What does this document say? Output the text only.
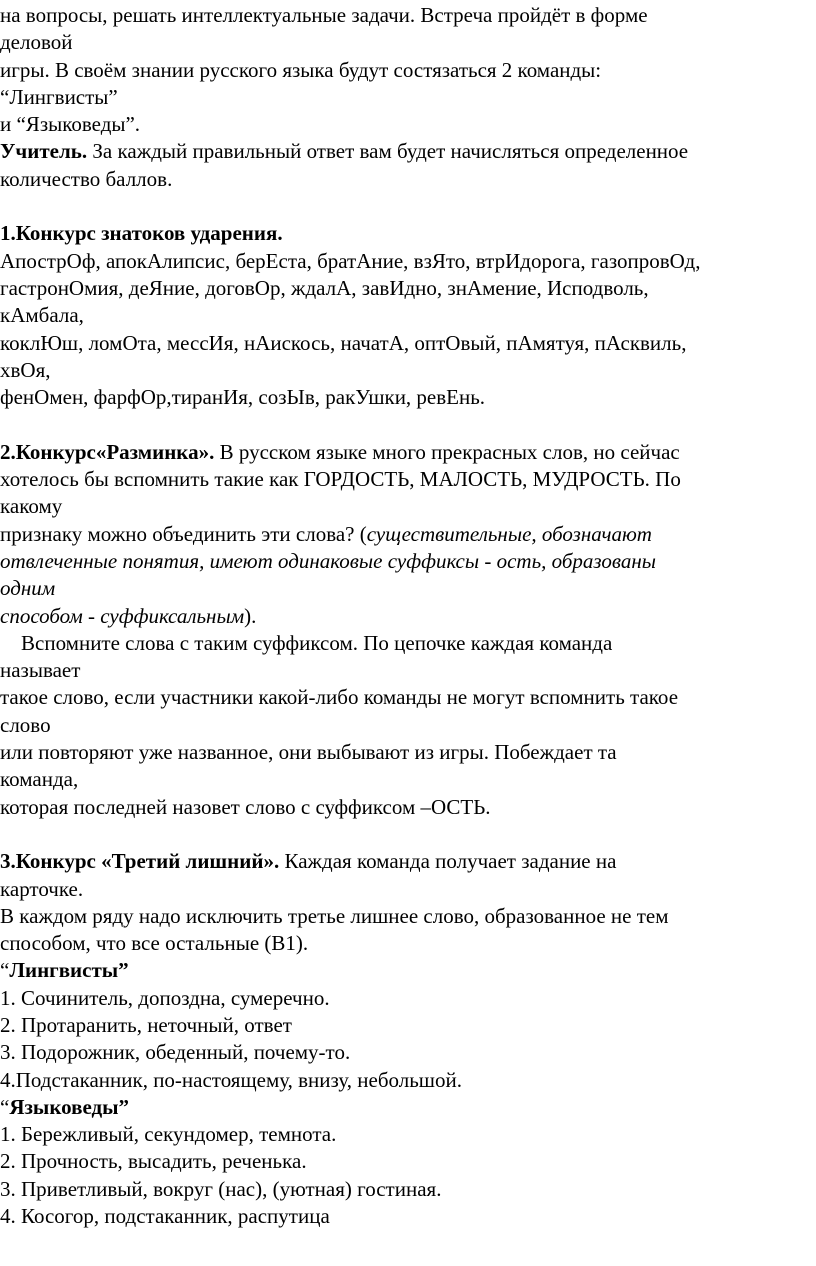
на вопросы, решать интеллектуальные задачи. Встреча пройдёт в форме
деловой
игры. В своём знании русского языка будут состязаться 2 команды:
“Лингвисты”
и “Языковеды”.
Учитель. За каждый правильный ответ вам будет начисляться определенное
количество баллов.
1.Конкурс знатоков ударения.
АпострОф, апокАлипсис, берЕста, братАние, взЯто, втрИдорога, газопровОд,
гастронОмия, деЯние, договОр, ждалА, завИдно, знАмение, Исподволь,
кАмбала,
коклЮш, ломОта, мессИя, нАискось, начатА, оптОвый, пАмятуя, пАсквиль,
хвОя,
фенОмен, фарфОр,тиранИя, созЫв, ракУшки, ревЕнь.
2.Конкурс«Разминка». В русском языке много прекрасных слов, но сейчас
хотелось бы вспомнить такие как ГОРДОСТЬ, МАЛОСТЬ, МУДРОСТЬ. По
какому
признаку можно объединить эти слова? (существительные, обозначают
отвлеченные понятия, имеют одинаковые суффиксы - ость, образованы
одним
способом - суффиксальным).
Вспомните слова с таким суффиксом. По цепочке каждая команда
называет
такое слово, если участники какой-либо команды не могут вспомнить такое
слово
или повторяют уже названное, они выбывают из игры. Побеждает та
команда,
которая последней назовет слово с суффиксом –ОСТЬ.
3.Конкурс «Третий лишний». Каждая команда получает задание на
карточке.
В каждом ряду надо исключить третье лишнее слово, образованное не тем
способом, что все остальные (В1).
“Лингвисты”
1. Сочинитель, допоздна, сумеречно.
2. Протаранить, неточный, ответ
3. Подорожник, обеденный, почему-то.
4.Подстаканник, по-настоящему, внизу, небольшой.
“Языковеды”
1. Бережливый, секундомер, темнота.
2. Прочность, высадить, реченька.
3. Приветливый, вокруг (нас), (уютная) гостиная.
4. Косогор, подстаканник, распутица
